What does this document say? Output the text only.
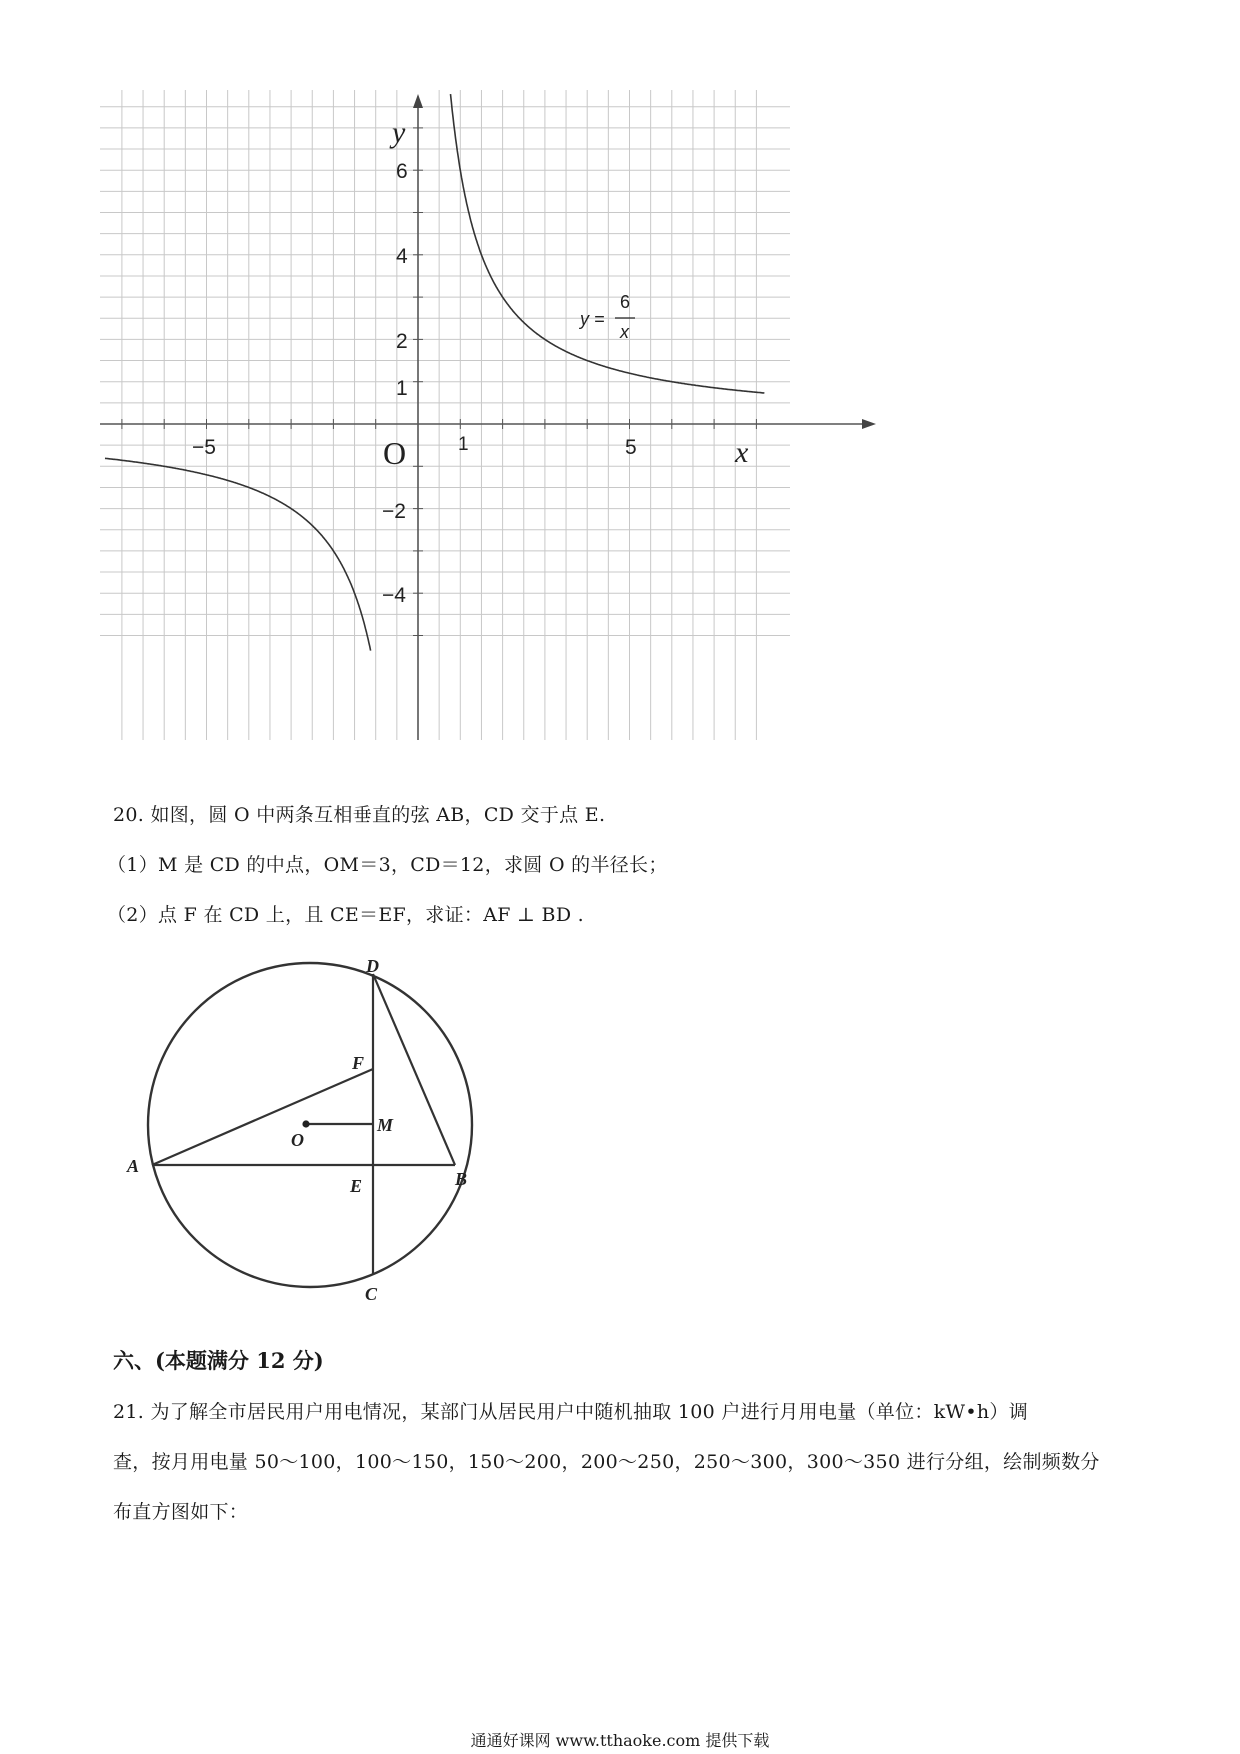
y
x
O
6
4
2
1
−2
−4
−5	1	5
y =
6
x
20. 如图，圆 O 中两条互相垂直的弦 AB，CD 交于点 E.
（1）M 是 CD 的中点，OM＝3，CD＝12，求圆 O 的半径长；
（2）点 F 在 CD 上，且 CE＝EF，求证：AF ⊥ BD .
D
F
O
M
A
E	B
C
六、(本题满分 12 分)
21. 为了解全市居民用户用电情况，某部门从居民用户中随机抽取 100 户进行月用电量（单位：kW•h）调
查，按月用电量 50～100，100～150，150～200，200～250，250～300，300～350 进行分组，绘制频数分
布直方图如下：
通通好课网 www.tthaoke.com 提供下载
